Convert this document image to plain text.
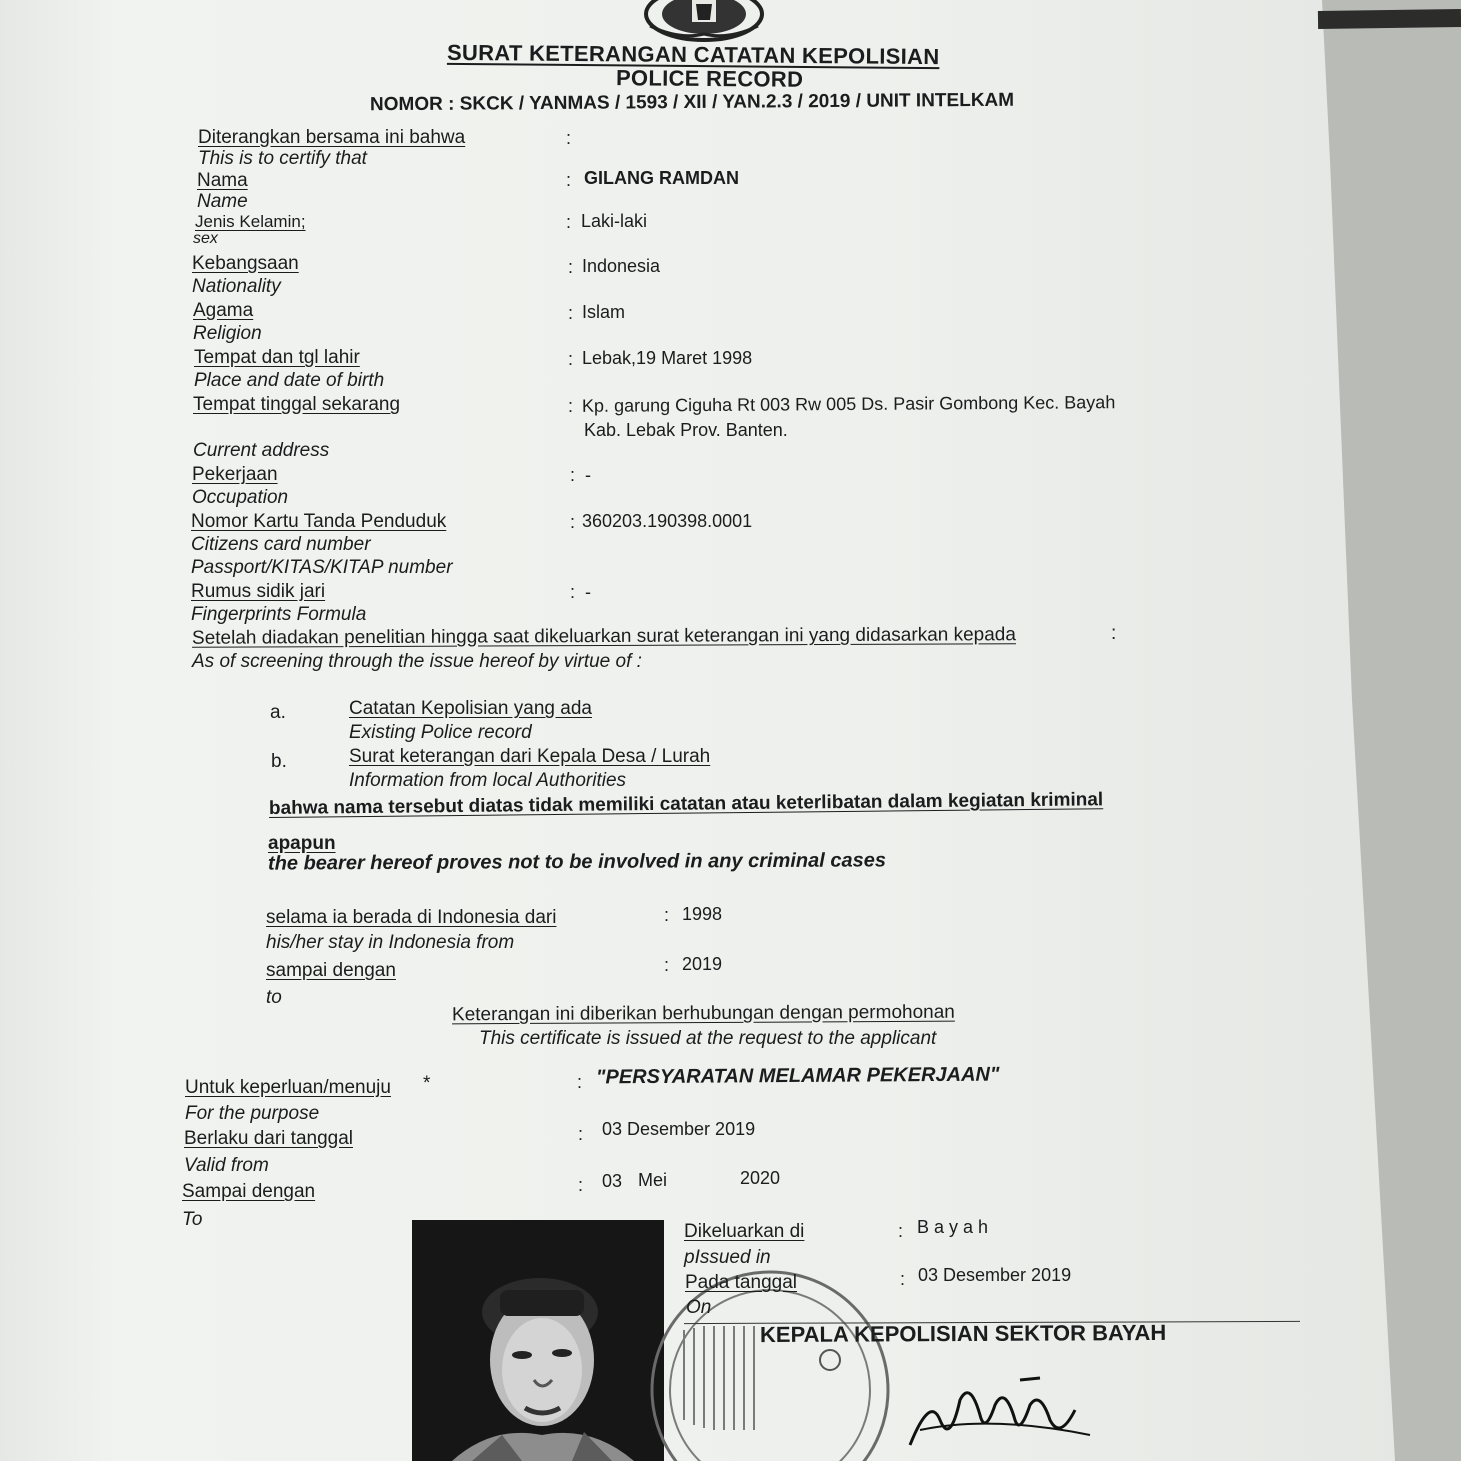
SURAT KETERANGAN CATATAN KEPOLISIAN
POLICE RECORD
NOMOR : SKCK / YANMAS / 1593 / XII / YAN.2.3 / 2019 / UNIT INTELKAM
Diterangkan bersama ini bahwa
This is to certify that
:
Nama
Name
: GILANG RAMDAN
Jenis Kelamin;
sex
: Laki-laki
Kebangsaan
Nationality
: Indonesia
Agama
Religion
: Islam
Tempat dan tgl lahir
Place and date of birth
: Lebak,19 Maret 1998
Tempat tinggal sekarang
Current address
: Kp. garung Ciguha Rt 003 Rw 005 Ds. Pasir Gombong Kec. Bayah
Kab. Lebak Prov. Banten.
Pekerjaan
Occupation
: -
Nomor Kartu Tanda Penduduk
Citizens card number
Passport/KITAS/KITAP number
: 360203.190398.0001
Rumus sidik jari
Fingerprints Formula
: -
Setelah diadakan penelitian hingga saat dikeluarkan surat keterangan ini yang didasarkan kepada	:
As of screening through the issue hereof by virtue of :
a.	Catatan Kepolisian yang ada
Existing Police record
b.	Surat keterangan dari Kepala Desa / Lurah
Information from local Authorities
bahwa nama tersebut diatas tidak memiliki catatan atau keterlibatan dalam kegiatan kriminal
apapun
the bearer hereof proves not to be involved in any criminal cases
selama ia berada di Indonesia dari
his/her stay in Indonesia from
: 1998
sampai dengan
to
: 2019
Keterangan ini diberikan berhubungan dengan permohonan
This certificate is issued at the request to the applicant
Untuk keperluan/menuju *
For the purpose
: "PERSYARATAN MELAMAR PEKERJAAN"
Berlaku dari tanggal
Valid from
: 03 Desember 2019
Sampai dengan
To
: 03 Mei	2020
Dikeluarkan di
pIssued in
: B a y a h
Pada tanggal
On
: 03 Desember 2019
KEPALA KEPOLISIAN SEKTOR BAYAH
